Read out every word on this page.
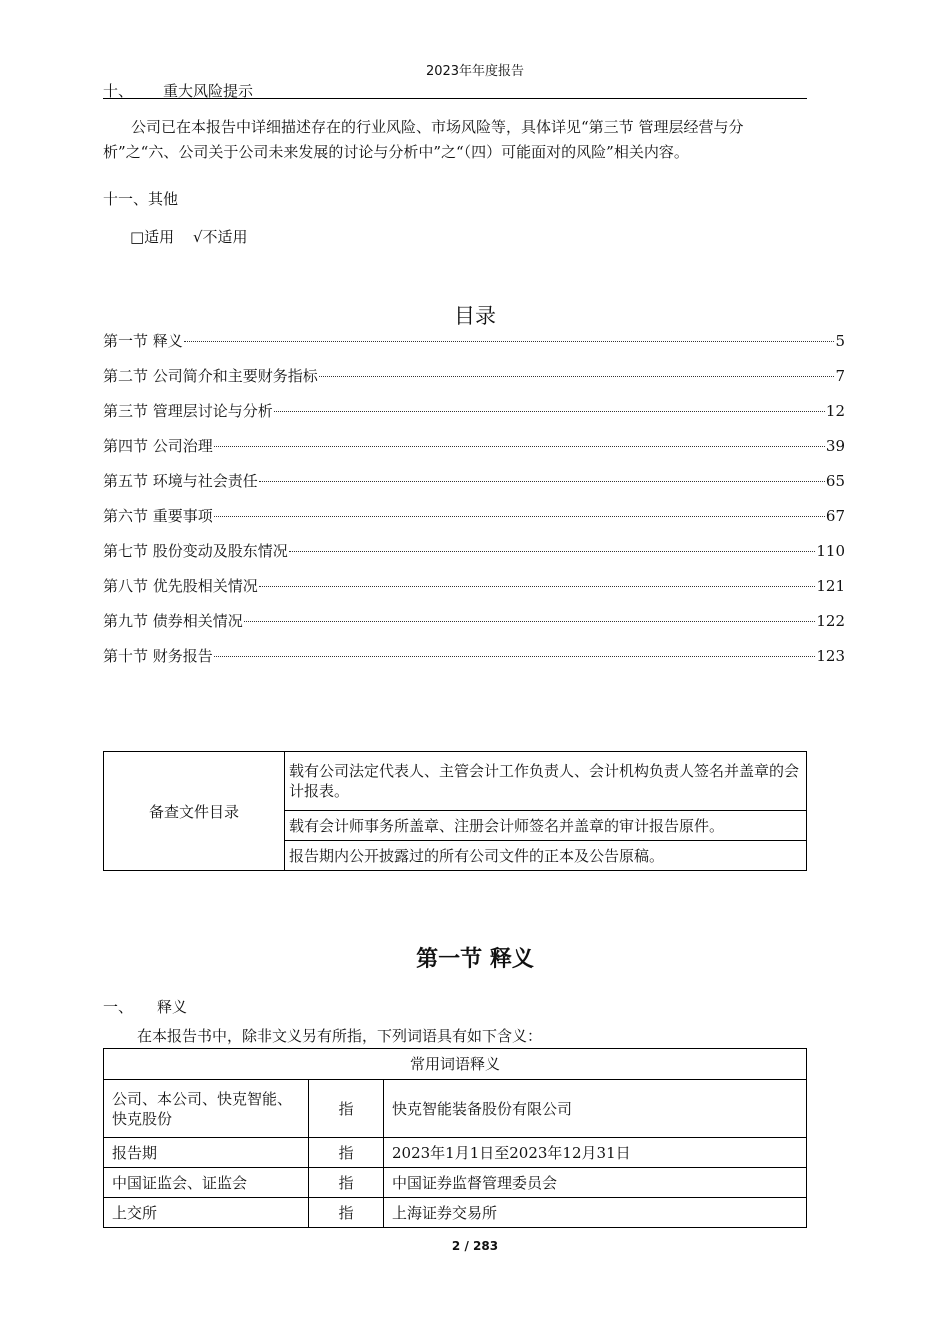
2023年年度报告
十、 重大风险提示
公司已在本报告中详细描述存在的行业风险、市场风险等，具体详见“第三节 管理层经营与分析”之“六、公司关于公司未来发展的讨论与分析中”之“（四）可能面对的风险”相关内容。
十一、其他
□适用 √不适用
目录
第一节 释义	5
第二节 公司简介和主要财务指标	7
第三节 管理层讨论与分析	12
第四节 公司治理	39
第五节 环境与社会责任	65
第六节 重要事项	67
第七节 股份变动及股东情况	110
第八节 优先股相关情况	121
第九节 债券相关情况	122
第十节 财务报告	123
备查文件目录	载有公司法定代表人、主管会计工作负责人、会计机构负责人签名并盖章的会计报表。
载有会计师事务所盖章、注册会计师签名并盖章的审计报告原件。
报告期内公开披露过的所有公司文件的正本及公告原稿。
第一节 释义
一、 释义
在本报告书中，除非文义另有所指，下列词语具有如下含义：
常用词语释义		
公司、本公司、快克智能、快克股份	指	快克智能装备股份有限公司
报告期	指	2023年1月1日至2023年12月31日
中国证监会、证监会	指	中国证券监督管理委员会
上交所	指	上海证券交易所
2 / 283
